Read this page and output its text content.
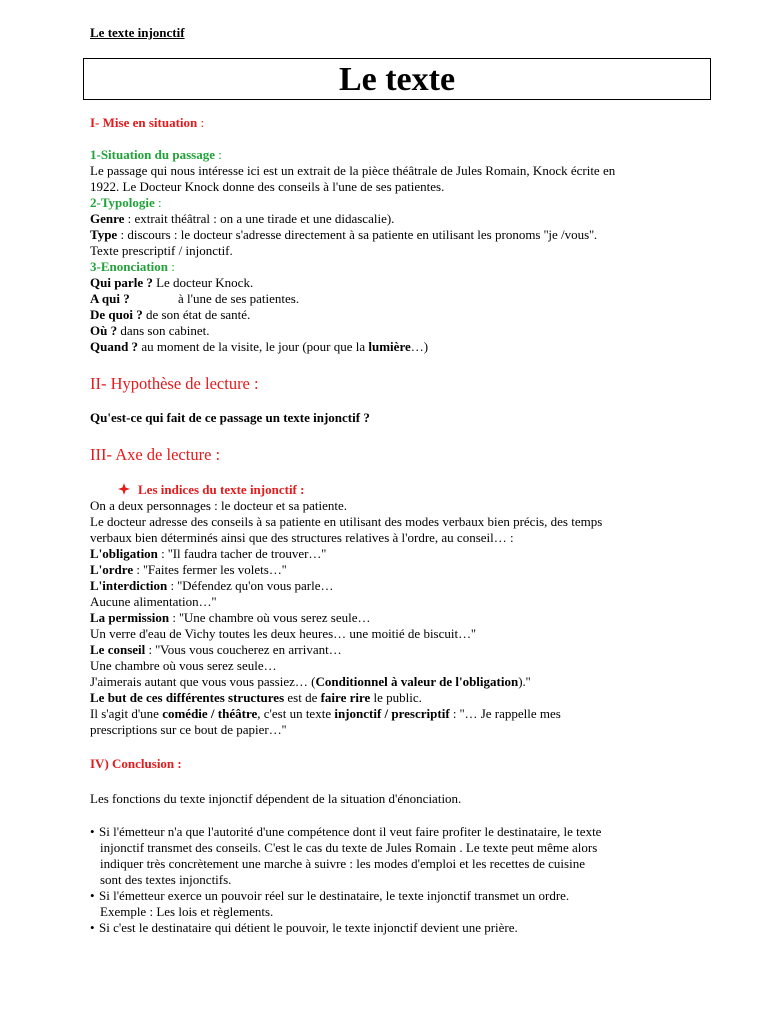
Le texte injonctif
Le texte
I- Mise en situation :
1-Situation du passage :
Le passage qui nous intéresse ici est un extrait de la pièce théâtrale de Jules Romain, Knock écrite en
1922. Le Docteur Knock donne des conseils à l'une de ses patientes.
2-Typologie :
Genre : extrait théâtral : on a une tirade et une didascalie).
Type : discours : le docteur s'adresse directement à sa patiente en utilisant les pronoms ''je /vous''.
Texte prescriptif / injonctif.
3-Enonciation :
Qui parle ? Le docteur Knock.
A qui ?	à l'une de ses patientes.
De quoi ? de son état de santé.
Où ? dans son cabinet.
Quand ? au moment de la visite, le jour (pour que la lumière…)
II- Hypothèse de lecture :
Qu'est-ce qui fait de ce passage un texte injonctif ?
III- Axe de lecture :
Les indices du texte injonctif :
On a deux personnages : le docteur et sa patiente.
Le docteur adresse des conseils à sa patiente en utilisant des modes verbaux bien précis, des temps
verbaux bien déterminés ainsi que des structures relatives à l'ordre, au conseil… :
L'obligation : ''Il faudra tacher de trouver…''
L'ordre : ''Faites fermer les volets…''
L'interdiction : ''Défendez qu'on vous parle…
Aucune alimentation…''
La permission : ''Une chambre où vous serez seule…
Un verre d'eau de Vichy toutes les deux heures… une moitié de biscuit…''
Le conseil : ''Vous vous coucherez en arrivant…
Une chambre où vous serez seule…
J'aimerais autant que vous vous passiez… (Conditionnel à valeur de l'obligation).''
Le but de ces différentes structures est de faire rire le public.
Il s'agit d'une comédie / théâtre, c'est un texte injonctif / prescriptif : ''… Je rappelle mes
prescriptions sur ce bout de papier…''
IV) Conclusion :
Les fonctions du texte injonctif dépendent de la situation d'énonciation.
• Si l'émetteur n'a que l'autorité d'une compétence dont il veut faire profiter le destinataire, le texte
injonctif transmet des conseils. C'est le cas du texte de Jules Romain . Le texte peut même alors
indiquer très concrètement une marche à suivre : les modes d'emploi et les recettes de cuisine
sont des textes injonctifs.
• Si l'émetteur exerce un pouvoir réel sur le destinataire, le texte injonctif transmet un ordre.
Exemple : Les lois et règlements.
• Si c'est le destinataire qui détient le pouvoir, le texte injonctif devient une prière.
